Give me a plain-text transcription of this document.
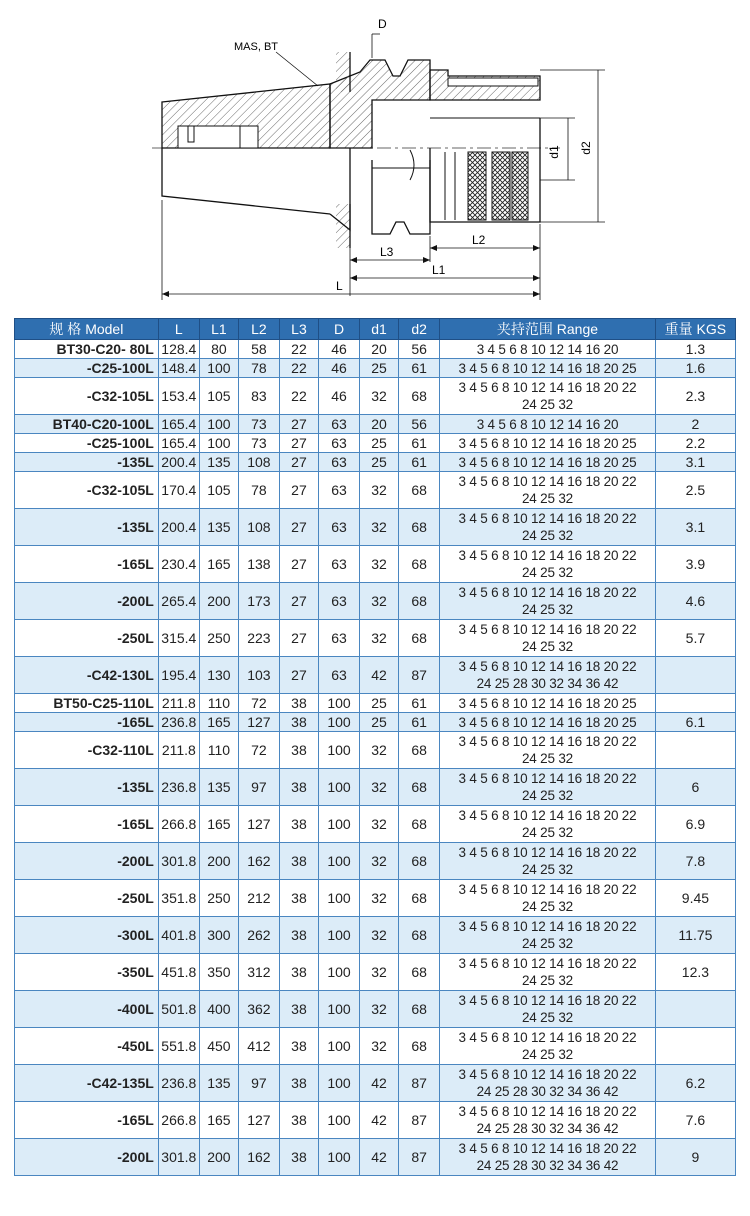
d1 d2
D
MAS, BT
L3
L2
L1
L
规 格 Model	L	L1	L2	L3	D	d1	d2	夹持范围 Range	重量 KGS
BT30-C20- 80L	128.4	80	58	22	46	20	56	3 4 5 6 8 10 12 14 16 20	1.3
-C25-100L	148.4	100	78	22	46	25	61	3 4 5 6 8 10 12 14 16 18 20 25	1.6
-C32-105L	153.4	105	83	22	46	32	68	3 4 5 6 8 10 12 14 16 18 20 22
24 25 32	2.3
BT40-C20-100L	165.4	100	73	27	63	20	56	3 4 5 6 8 10 12 14 16 20	2
-C25-100L	165.4	100	73	27	63	25	61	3 4 5 6 8 10 12 14 16 18 20 25	2.2
-135L	200.4	135	108	27	63	25	61	3 4 5 6 8 10 12 14 16 18 20 25	3.1
-C32-105L	170.4	105	78	27	63	32	68	3 4 5 6 8 10 12 14 16 18 20 22
24 25 32	2.5
-135L	200.4	135	108	27	63	32	68	3 4 5 6 8 10 12 14 16 18 20 22
24 25 32	3.1
-165L	230.4	165	138	27	63	32	68	3 4 5 6 8 10 12 14 16 18 20 22
24 25 32	3.9
-200L	265.4	200	173	27	63	32	68	3 4 5 6 8 10 12 14 16 18 20 22
24 25 32	4.6
-250L	315.4	250	223	27	63	32	68	3 4 5 6 8 10 12 14 16 18 20 22
24 25 32	5.7
-C42-130L	195.4	130	103	27	63	42	87	3 4 5 6 8 10 12 14 16 18 20 22
24 25 28 30 32 34 36 42	

BT50-C25-110L	211.8	110	72	38	100	25	61	3 4 5 6 8 10 12 14 16 18 20 25	

-165L	236.8	165	127	38	100	25	61	3 4 5 6 8 10 12 14 16 18 20 25	6.1
-C32-110L	211.8	110	72	38	100	32	68	3 4 5 6 8 10 12 14 16 18 20 22
24 25 32	

-135L	236.8	135	97	38	100	32	68	3 4 5 6 8 10 12 14 16 18 20 22
24 25 32	6
-165L	266.8	165	127	38	100	32	68	3 4 5 6 8 10 12 14 16 18 20 22
24 25 32	6.9
-200L	301.8	200	162	38	100	32	68	3 4 5 6 8 10 12 14 16 18 20 22
24 25 32	7.8
-250L	351.8	250	212	38	100	32	68	3 4 5 6 8 10 12 14 16 18 20 22
24 25 32	9.45
-300L	401.8	300	262	38	100	32	68	3 4 5 6 8 10 12 14 16 18 20 22
24 25 32	11.75
-350L	451.8	350	312	38	100	32	68	3 4 5 6 8 10 12 14 16 18 20 22
24 25 32	12.3
-400L	501.8	400	362	38	100	32	68	3 4 5 6 8 10 12 14 16 18 20 22
24 25 32	

-450L	551.8	450	412	38	100	32	68	3 4 5 6 8 10 12 14 16 18 20 22
24 25 32	

-C42-135L	236.8	135	97	38	100	42	87	3 4 5 6 8 10 12 14 16 18 20 22
24 25 28 30 32 34 36 42	6.2
-165L	266.8	165	127	38	100	42	87	3 4 5 6 8 10 12 14 16 18 20 22
24 25 28 30 32 34 36 42	7.6
-200L	301.8	200	162	38	100	42	87	3 4 5 6 8 10 12 14 16 18 20 22
24 25 28 30 32 34 36 42	9
